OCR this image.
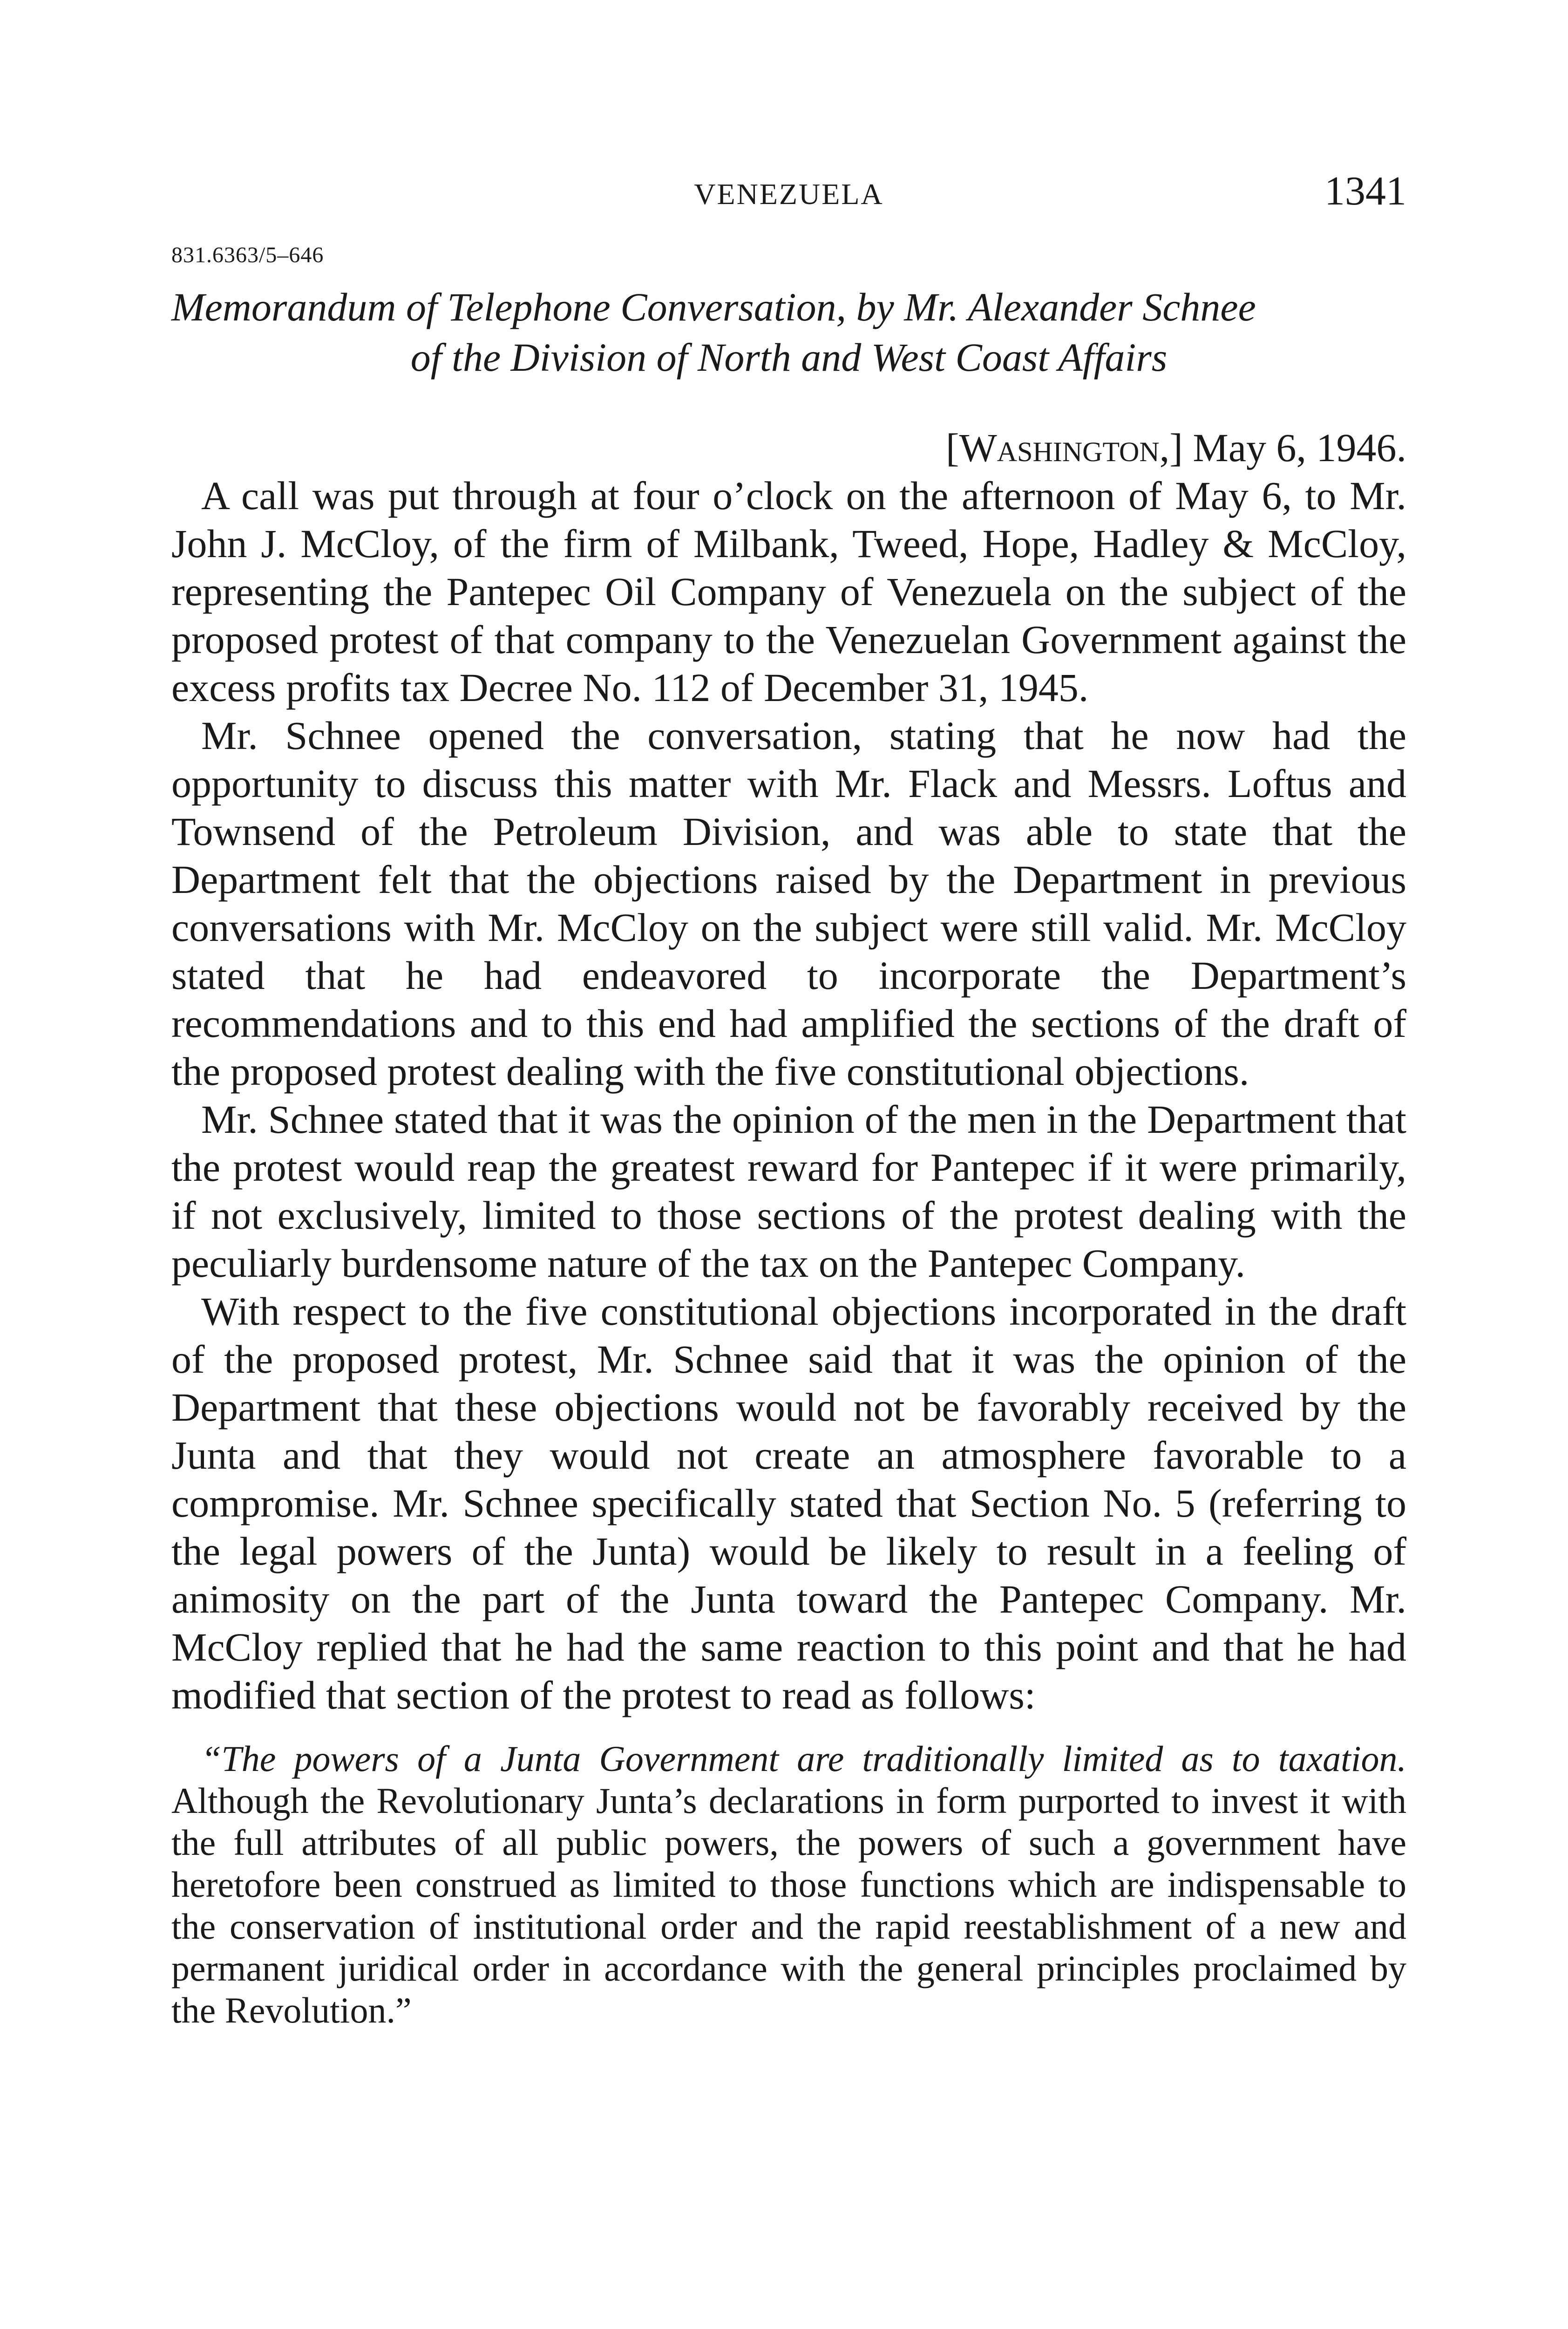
VENEZUELA	1341
831.6363/5–646
Memorandum of Telephone Conversation, by Mr. Alexander Schnee
of the Division of North and West Coast Affairs
[Washington,] May 6, 1946.

A call was put through at four o’clock on the afternoon of May 6, to Mr. John J. McCloy, of the firm of Milbank, Tweed, Hope, Hadley & McCloy, representing the Pantepec Oil Company of Venezuela on the subject of the proposed protest of that company to the Venezuelan Government against the excess profits tax Decree No. 112 of December 31, 1945.

Mr. Schnee opened the conversation, stating that he now had the opportunity to discuss this matter with Mr. Flack and Messrs. Loftus and Townsend of the Petroleum Division, and was able to state that the Department felt that the objections raised by the Department in previous conversations with Mr. McCloy on the subject were still valid. Mr. McCloy stated that he had endeavored to incorporate the Department’s recommendations and to this end had amplified the sections of the draft of the proposed protest dealing with the five constitutional objections.

Mr. Schnee stated that it was the opinion of the men in the Department that the protest would reap the greatest reward for Pantepec if it were primarily, if not exclusively, limited to those sections of the protest dealing with the peculiarly burdensome nature of the tax on the Pantepec Company.

With respect to the five constitutional objections incorporated in the draft of the proposed protest, Mr. Schnee said that it was the opinion of the Department that these objections would not be favorably received by the Junta and that they would not create an atmosphere favorable to a compromise. Mr. Schnee specifically stated that Section No. 5 (referring to the legal powers of the Junta) would be likely to result in a feeling of animosity on the part of the Junta toward the Pantepec Company. Mr. McCloy replied that he had the same reaction to this point and that he had modified that section of the protest to read as follows:

“The powers of a Junta Government are traditionally limited as to taxation. Although the Revolutionary Junta’s declarations in form purported to invest it with the full attributes of all public powers, the powers of such a government have heretofore been construed as limited to those functions which are indispensable to the conservation of institutional order and the rapid reestablishment of a new and permanent juridical order in accordance with the general principles proclaimed by the Revolution.”
